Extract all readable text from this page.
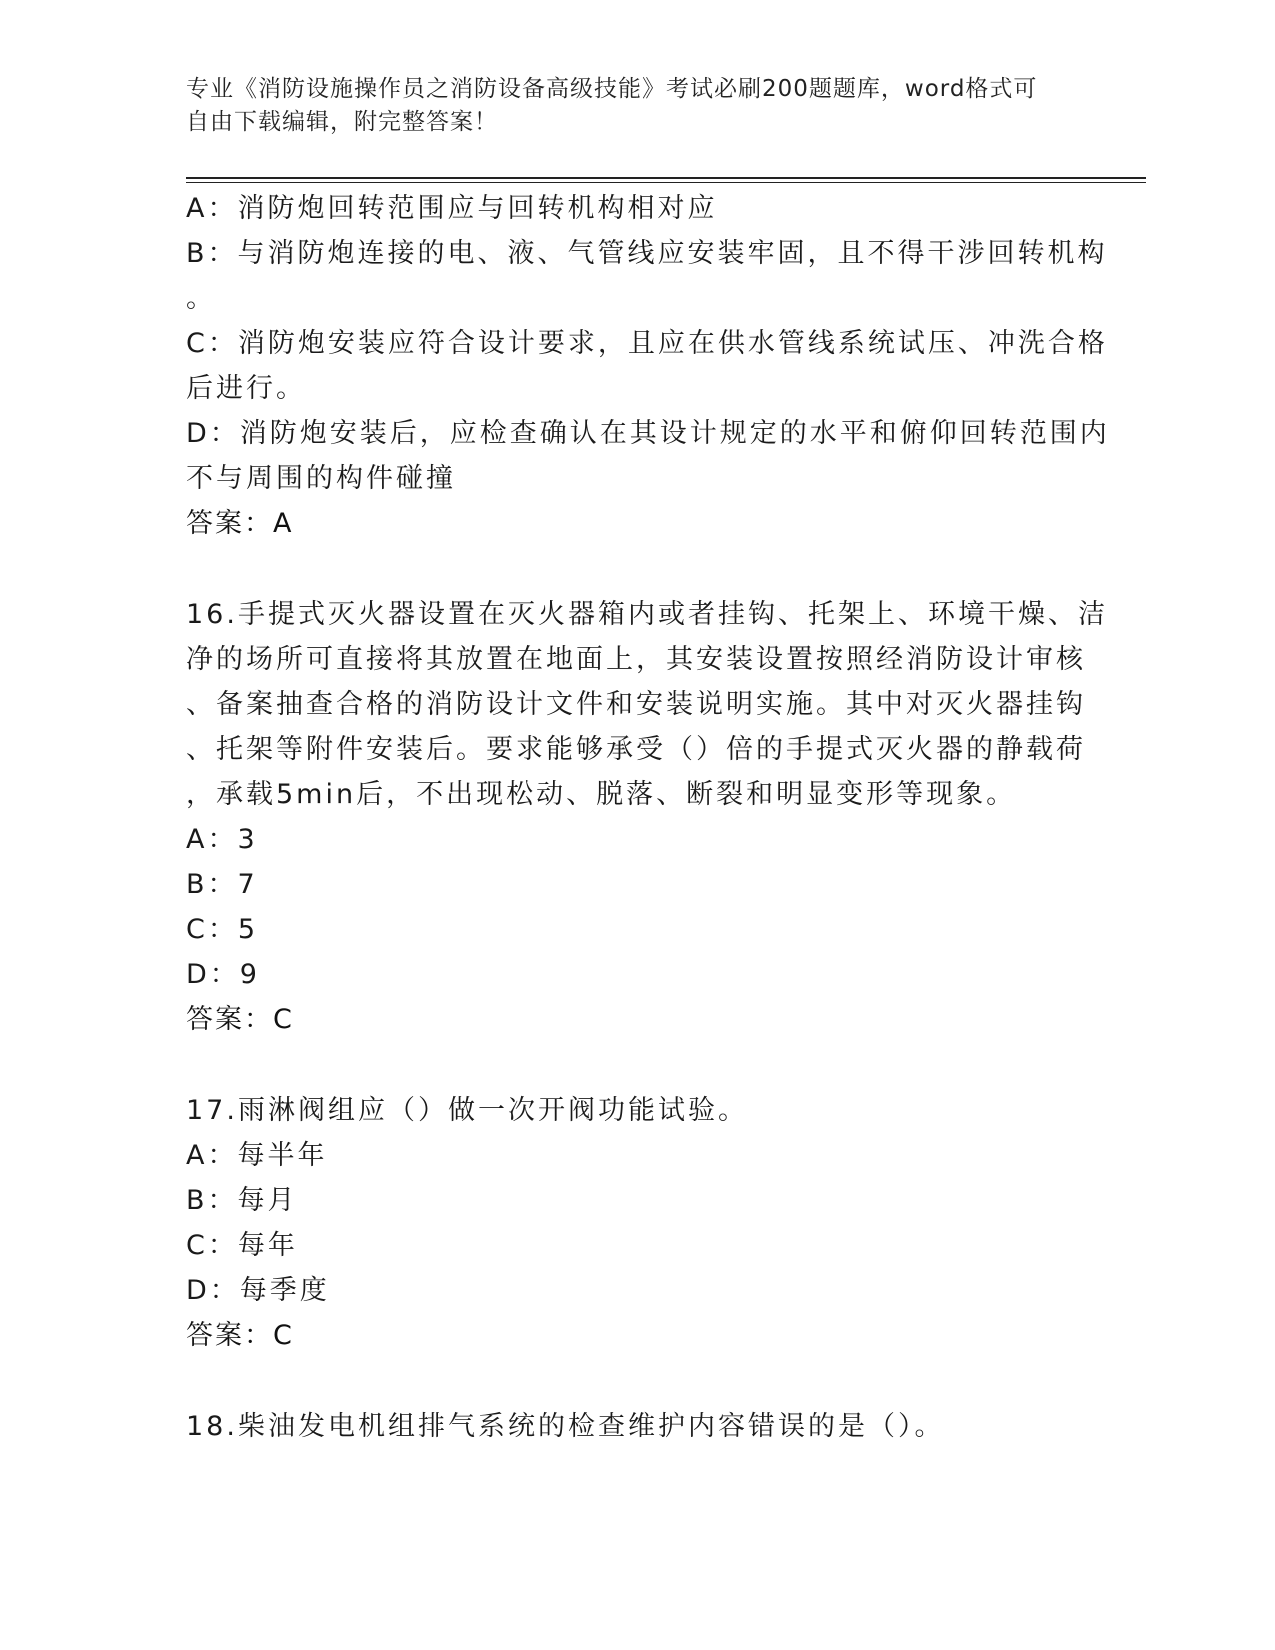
专业《消防设施操作员之消防设备高级技能》考试必刷200题题库，word格式可
自由下载编辑，附完整答案！
A：消防炮回转范围应与回转机构相对应
B：与消防炮连接的电、液、气管线应安装牢固，且不得干涉回转机构
。
C：消防炮安装应符合设计要求，且应在供水管线系统试压、冲洗合格
后进行。
D：消防炮安装后，应检查确认在其设计规定的水平和俯仰回转范围内
不与周围的构件碰撞
答案：A
16.手提式灭火器设置在灭火器箱内或者挂钩、托架上、环境干燥、洁
净的场所可直接将其放置在地面上，其安装设置按照经消防设计审核
、备案抽查合格的消防设计文件和安装说明实施。其中对灭火器挂钩
、托架等附件安装后。要求能够承受（）倍的手提式灭火器的静载荷
，承载5min后，不出现松动、脱落、断裂和明显变形等现象。
A：3
B：7
C：5
D：9
答案：C
17.雨淋阀组应（）做一次开阀功能试验。
A：每半年
B：每月
C：每年
D：每季度
答案：C
18.柴油发电机组排气系统的检查维护内容错误的是（）。
